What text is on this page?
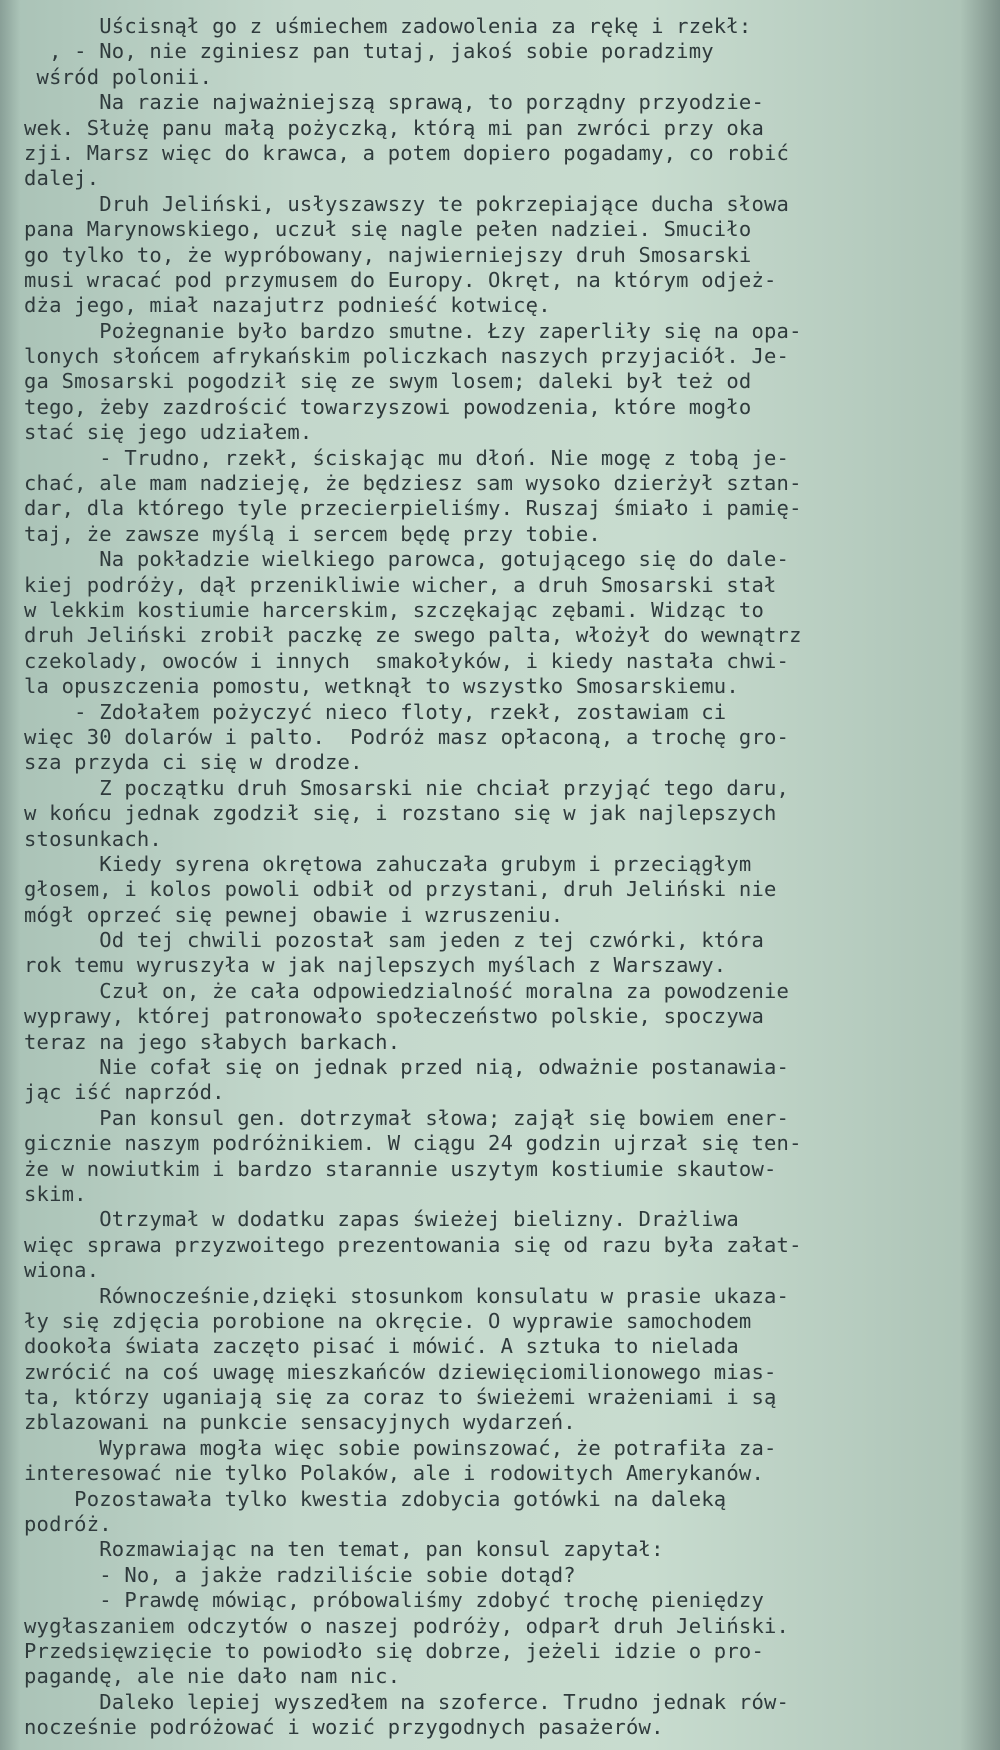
Uścisnął go z uśmiechem zadowolenia za rękę i rzekł:
, - No, nie zginiesz pan tutaj, jakoś sobie poradzimy
wśród polonii.
Na razie najważniejszą sprawą, to porządny przyodzie-
wek. Służę panu małą pożyczką, którą mi pan zwróci przy oka
zji. Marsz więc do krawca, a potem dopiero pogadamy, co robić
dalej.
Druh Jeliński, usłyszawszy te pokrzepiające ducha słowa
pana Marynowskiego, uczuł się nagle pełen nadziei. Smuciło
go tylko to, że wypróbowany, najwierniejszy druh Smosarski
musi wracać pod przymusem do Europy. Okręt, na którym odjeż-
dża jego, miał nazajutrz podnieść kotwicę.
Pożegnanie było bardzo smutne. Łzy zaperliły się na opa-
lonych słońcem afrykańskim policzkach naszych przyjaciół. Je-
ga Smosarski pogodził się ze swym losem; daleki był też od
tego, żeby zazdrościć towarzyszowi powodzenia, które mogło
stać się jego udziałem.
- Trudno, rzekł, ściskając mu dłoń. Nie mogę z tobą je-
chać, ale mam nadzieję, że będziesz sam wysoko dzierżył sztan-
dar, dla którego tyle przecierpieliśmy. Ruszaj śmiało i pamię-
taj, że zawsze myślą i sercem będę przy tobie.
Na pokładzie wielkiego parowca, gotującego się do dale-
kiej podróży, dął przenikliwie wicher, a druh Smosarski stał
w lekkim kostiumie harcerskim, szczękając zębami. Widząc to
druh Jeliński zrobił paczkę ze swego palta, włożył do wewnątrz
czekolady, owoców i innych  smakołyków, i kiedy nastała chwi-
la opuszczenia pomostu, wetknął to wszystko Smosarskiemu.
- Zdołałem pożyczyć nieco floty, rzekł, zostawiam ci
więc 30 dolarów i palto.  Podróż masz opłaconą, a trochę gro-
sza przyda ci się w drodze.
Z początku druh Smosarski nie chciał przyjąć tego daru,
w końcu jednak zgodził się, i rozstano się w jak najlepszych
stosunkach.
Kiedy syrena okrętowa zahuczała grubym i przeciągłym
głosem, i kolos powoli odbił od przystani, druh Jeliński nie
mógł oprzeć się pewnej obawie i wzruszeniu.
Od tej chwili pozostał sam jeden z tej czwórki, która
rok temu wyruszyła w jak najlepszych myślach z Warszawy.
Czuł on, że cała odpowiedzialność moralna za powodzenie
wyprawy, której patronowało społeczeństwo polskie, spoczywa
teraz na jego słabych barkach.
Nie cofał się on jednak przed nią, odważnie postanawia-
jąc iść naprzód.
Pan konsul gen. dotrzymał słowa; zajął się bowiem ener-
gicznie naszym podróżnikiem. W ciągu 24 godzin ujrzał się ten-
że w nowiutkim i bardzo starannie uszytym kostiumie skautow-
skim.
Otrzymał w dodatku zapas świeżej bielizny. Drażliwa
więc sprawa przyzwoitego prezentowania się od razu była załat-
wiona.
Równocześnie,dzięki stosunkom konsulatu w prasie ukaza-
ły się zdjęcia porobione na okręcie. O wyprawie samochodem
dookoła świata zaczęto pisać i mówić. A sztuka to nielada
zwrócić na coś uwagę mieszkańców dziewięciomilionowego mias-
ta, którzy uganiają się za coraz to świeżemi wrażeniami i są
zblazowani na punkcie sensacyjnych wydarzeń.
Wyprawa mogła więc sobie powinszować, że potrafiła za-
interesować nie tylko Polaków, ale i rodowitych Amerykanów.
Pozostawała tylko kwestia zdobycia gotówki na daleką
podróż.
Rozmawiając na ten temat, pan konsul zapytał:
- No, a jakże radziliście sobie dotąd?
- Prawdę mówiąc, próbowaliśmy zdobyć trochę pieniędzy
wygłaszaniem odczytów o naszej podróży, odparł druh Jeliński.
Przedsięwzięcie to powiodło się dobrze, jeżeli idzie o pro-
pagandę, ale nie dało nam nic.
Daleko lepiej wyszedłem na szoferce. Trudno jednak rów-
nocześnie podróżować i wozić przygodnych pasażerów.
